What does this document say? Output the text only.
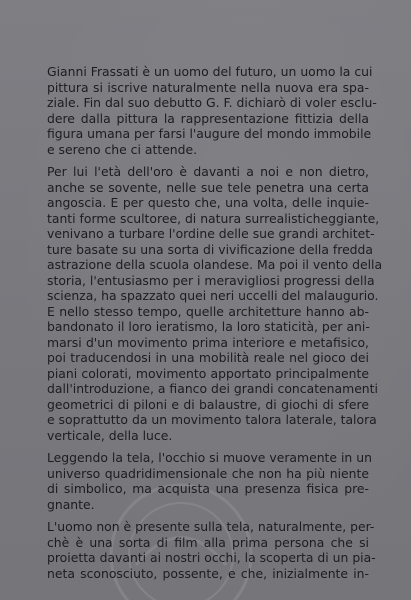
Gianni Frassati è un uomo del futuro, un uomo la cui
pittura si iscrive naturalmente nella nuova era spa-
ziale. Fin dal suo debutto G. F. dichiarò di voler esclu-
dere dalla pittura la rappresentazione fittizia della
figura umana per farsi l'augure del mondo immobile
e sereno che ci attende.
Per lui l'età dell'oro è davanti a noi e non dietro,
anche se sovente, nelle sue tele penetra una certa
angoscia. E per questo che, una volta, delle inquie-
tanti forme scultoree, di natura surrealisticheggiante,
venivano a turbare l'ordine delle sue grandi architet-
ture basate su una sorta di vivificazione della fredda
astrazione della scuola olandese. Ma poi il vento della
storia, l'entusiasmo per i meravigliosi progressi della
scienza, ha spazzato quei neri uccelli del malaugurio.
E nello stesso tempo, quelle architetture hanno ab-
bandonato il loro ieratismo, la loro staticità, per ani-
marsi d'un movimento prima interiore e metafisico,
poi traducendosi in una mobilità reale nel gioco dei
piani colorati, movimento apportato principalmente
dall'introduzione, a fianco dei grandi concatenamenti
geometrici di piloni e di balaustre, di giochi di sfere
e soprattutto da un movimento talora laterale, talora
verticale, della luce.
Leggendo la tela, l'occhio si muove veramente in un
universo quadridimensionale che non ha più niente
di simbolico, ma acquista una presenza fisica pre-
gnante.
L'uomo non è presente sulla tela, naturalmente, per-
chè è una sorta di film alla prima persona che si
proietta davanti ai nostri occhi, la scoperta di un pia-
neta sconosciuto, possente, e che, inizialmente in-
